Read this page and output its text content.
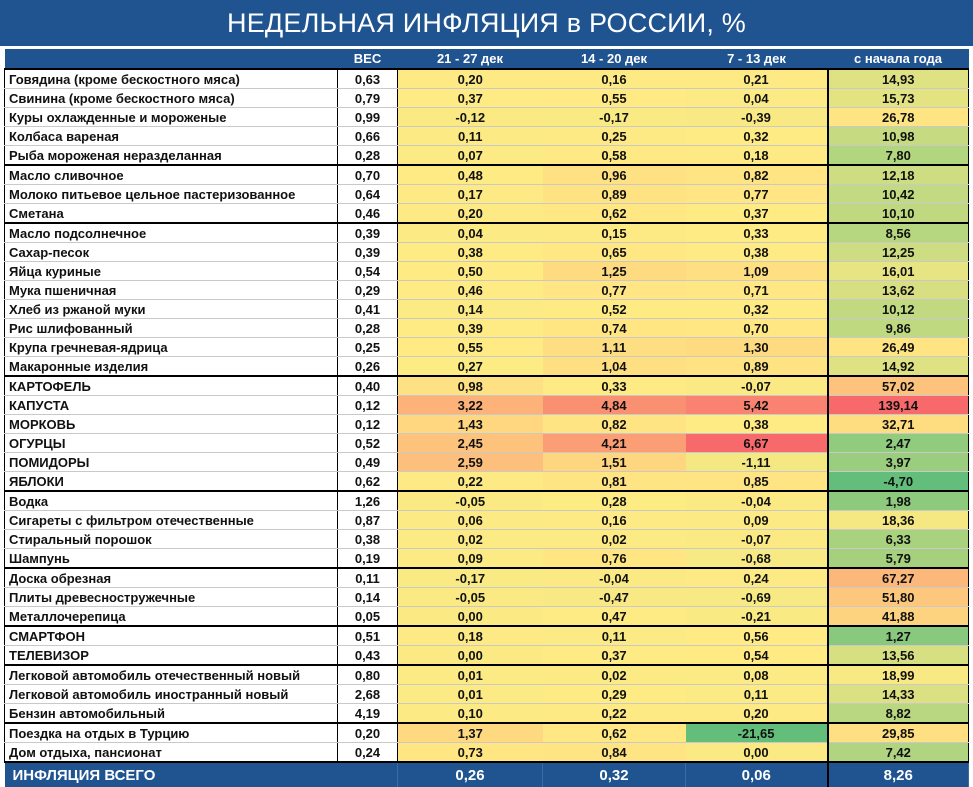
НЕДЕЛЬНАЯ ИНФЛЯЦИЯ в РОССИИ, %
	ВЕС	21 - 27 дек	14 - 20 дек	7 - 13 дек	с начала года
Говядина (кроме бескостного мяса)	0,63	0,20	0,16	0,21	14,93
Свинина (кроме бескостного мяса)	0,79	0,37	0,55	0,04	15,73
Куры охлажденные и мороженые	0,99	-0,12	-0,17	-0,39	26,78
Колбаса вареная	0,66	0,11	0,25	0,32	10,98
Рыба мороженая неразделанная	0,28	0,07	0,58	0,18	7,80
Масло сливочное	0,70	0,48	0,96	0,82	12,18
Молоко питьевое цельное пастеризованное	0,64	0,17	0,89	0,77	10,42
Сметана	0,46	0,20	0,62	0,37	10,10
Масло подсолнечное	0,39	0,04	0,15	0,33	8,56
Сахар-песок	0,39	0,38	0,65	0,38	12,25
Яйца куриные	0,54	0,50	1,25	1,09	16,01
Мука пшеничная	0,29	0,46	0,77	0,71	13,62
Хлеб из ржаной муки	0,41	0,14	0,52	0,32	10,12
Рис шлифованный	0,28	0,39	0,74	0,70	9,86
Крупа гречневая-ядрица	0,25	0,55	1,11	1,30	26,49
Макаронные изделия	0,26	0,27	1,04	0,89	14,92
КАРТОФЕЛЬ	0,40	0,98	0,33	-0,07	57,02
КАПУСТА	0,12	3,22	4,84	5,42	139,14
МОРКОВЬ	0,12	1,43	0,82	0,38	32,71
ОГУРЦЫ	0,52	2,45	4,21	6,67	2,47
ПОМИДОРЫ	0,49	2,59	1,51	-1,11	3,97
ЯБЛОКИ	0,62	0,22	0,81	0,85	-4,70
Водка	1,26	-0,05	0,28	-0,04	1,98
Сигареты с фильтром отечественные	0,87	0,06	0,16	0,09	18,36
Стиральный порошок	0,38	0,02	0,02	-0,07	6,33
Шампунь	0,19	0,09	0,76	-0,68	5,79
Доска обрезная	0,11	-0,17	-0,04	0,24	67,27
Плиты древесностружечные	0,14	-0,05	-0,47	-0,69	51,80
Металлочерепица	0,05	0,00	0,47	-0,21	41,88
СМАРТФОН	0,51	0,18	0,11	0,56	1,27
ТЕЛЕВИЗОР	0,43	0,00	0,37	0,54	13,56
Легковой автомобиль отечественный новый	0,80	0,01	0,02	0,08	18,99
Легковой автомобиль иностранный новый	2,68	0,01	0,29	0,11	14,33
Бензин автомобильный	4,19	0,10	0,22	0,20	8,82
Поездка на отдых в Турцию	0,20	1,37	0,62	-21,65	29,85
Дом отдыха, пансионат	0,24	0,73	0,84	0,00	7,42
ИНФЛЯЦИЯ ВСЕГО		0,26	0,32	0,06	8,26
